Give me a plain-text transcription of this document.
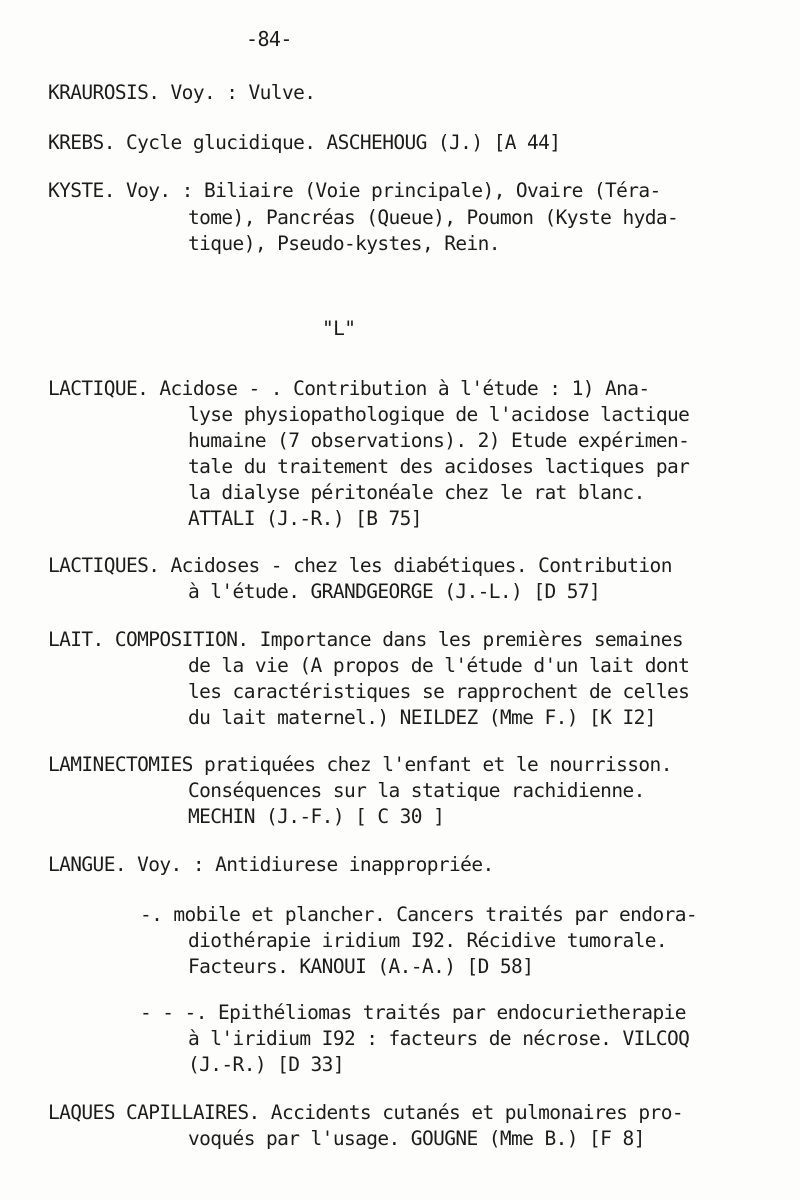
-84-
KRAUROSIS. Voy. : Vulve.
KREBS. Cycle glucidique. ASCHEHOUG (J.) [A 44]
KYSTE. Voy. : Biliaire (Voie principale), Ovaire (Téra-
tome), Pancréas (Queue), Poumon (Kyste hyda-
tique), Pseudo-kystes, Rein.
"L"
LACTIQUE. Acidose - . Contribution à l'étude : 1) Ana-
lyse physiopathologique de l'acidose lactique
humaine (7 observations). 2) Etude expérimen-
tale du traitement des acidoses lactiques par
la dialyse péritonéale chez le rat blanc.
ATTALI (J.-R.) [B 75]
LACTIQUES. Acidoses - chez les diabétiques. Contribution
à l'étude. GRANDGEORGE (J.-L.) [D 57]
LAIT. COMPOSITION. Importance dans les premières semaines
de la vie (A propos de l'étude d'un lait dont
les caractéristiques se rapprochent de celles
du lait maternel.) NEILDEZ (Mme F.) [K I2]
LAMINECTOMIES pratiquées chez l'enfant et le nourrisson.
Conséquences sur la statique rachidienne.
MECHIN (J.-F.) [ C 30 ]
LANGUE. Voy. : Antidiurese inappropriée.
-. mobile et plancher. Cancers traités par endora-
diothérapie iridium I92. Récidive tumorale.
Facteurs. KANOUI (A.-A.) [D 58]
- - -. Epithéliomas traités par endocurietherapie
à l'iridium I92 : facteurs de nécrose. VILCOQ
(J.-R.) [D 33]
LAQUES CAPILLAIRES. Accidents cutanés et pulmonaires pro-
voqués par l'usage. GOUGNE (Mme B.) [F 8]
